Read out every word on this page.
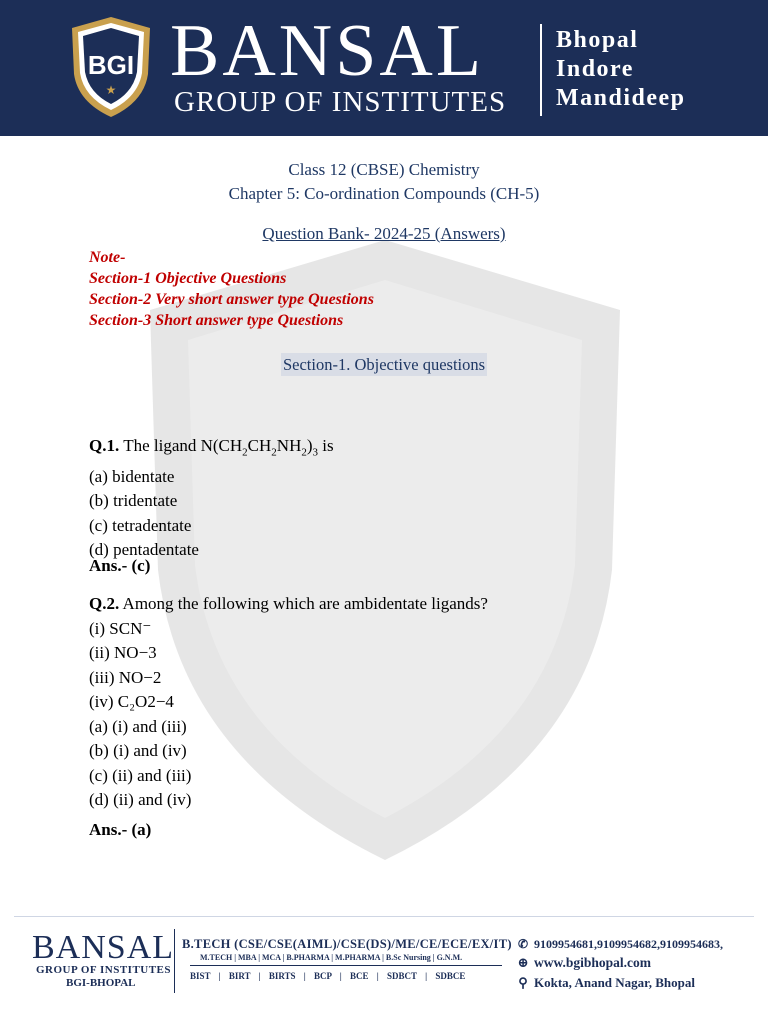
BGI
★ BANSAL
GROUP OF INSTITUTES
Bhopal
Indore
Mandideep
Class 12 (CBSE) Chemistry
Chapter 5: Co-ordination Compounds (CH-5)
Question Bank- 2024-25 (Answers)
Note-
Section-1 Objective Questions
Section-2 Very short answer type Questions
Section-3 Short answer type Questions
Section-1. Objective questions
Q.1. The ligand $N(CH_2CH_2NH_2)_3$ is
(a) bidentate
(b) tridentate
(c) tetradentate
(d) pentadentate
Ans.- (c)
Q.2. Among the following which are ambidentate ligands?
(i) SCN⁻
(ii) NO−3
(iii) NO−2
(iv) C₂O2−4
(a) (i) and (iii)
(b) (i) and (iv)
(c) (ii) and (iii)
(d) (ii) and (iv)
Ans.- (a)
BANSAL
GROUP OF INSTITUTES
BGI-BHOPAL
B.TECH (CSE/CSE(AIML)/CSE(DS)/ME/CE/ECE/EX/IT)
M.TECH | MBA | MCA | B.PHARMA | M.PHARMA | B.Sc Nursing | G.N.M.
BIST | BIRT | BIRTS | BCP | BCE | SDBCT | SDBCE
✆ 9109954681,9109954682,9109954683,
⊕ www.bgibhopal.com
⚲ Kokta, Anand Nagar, Bhopal
